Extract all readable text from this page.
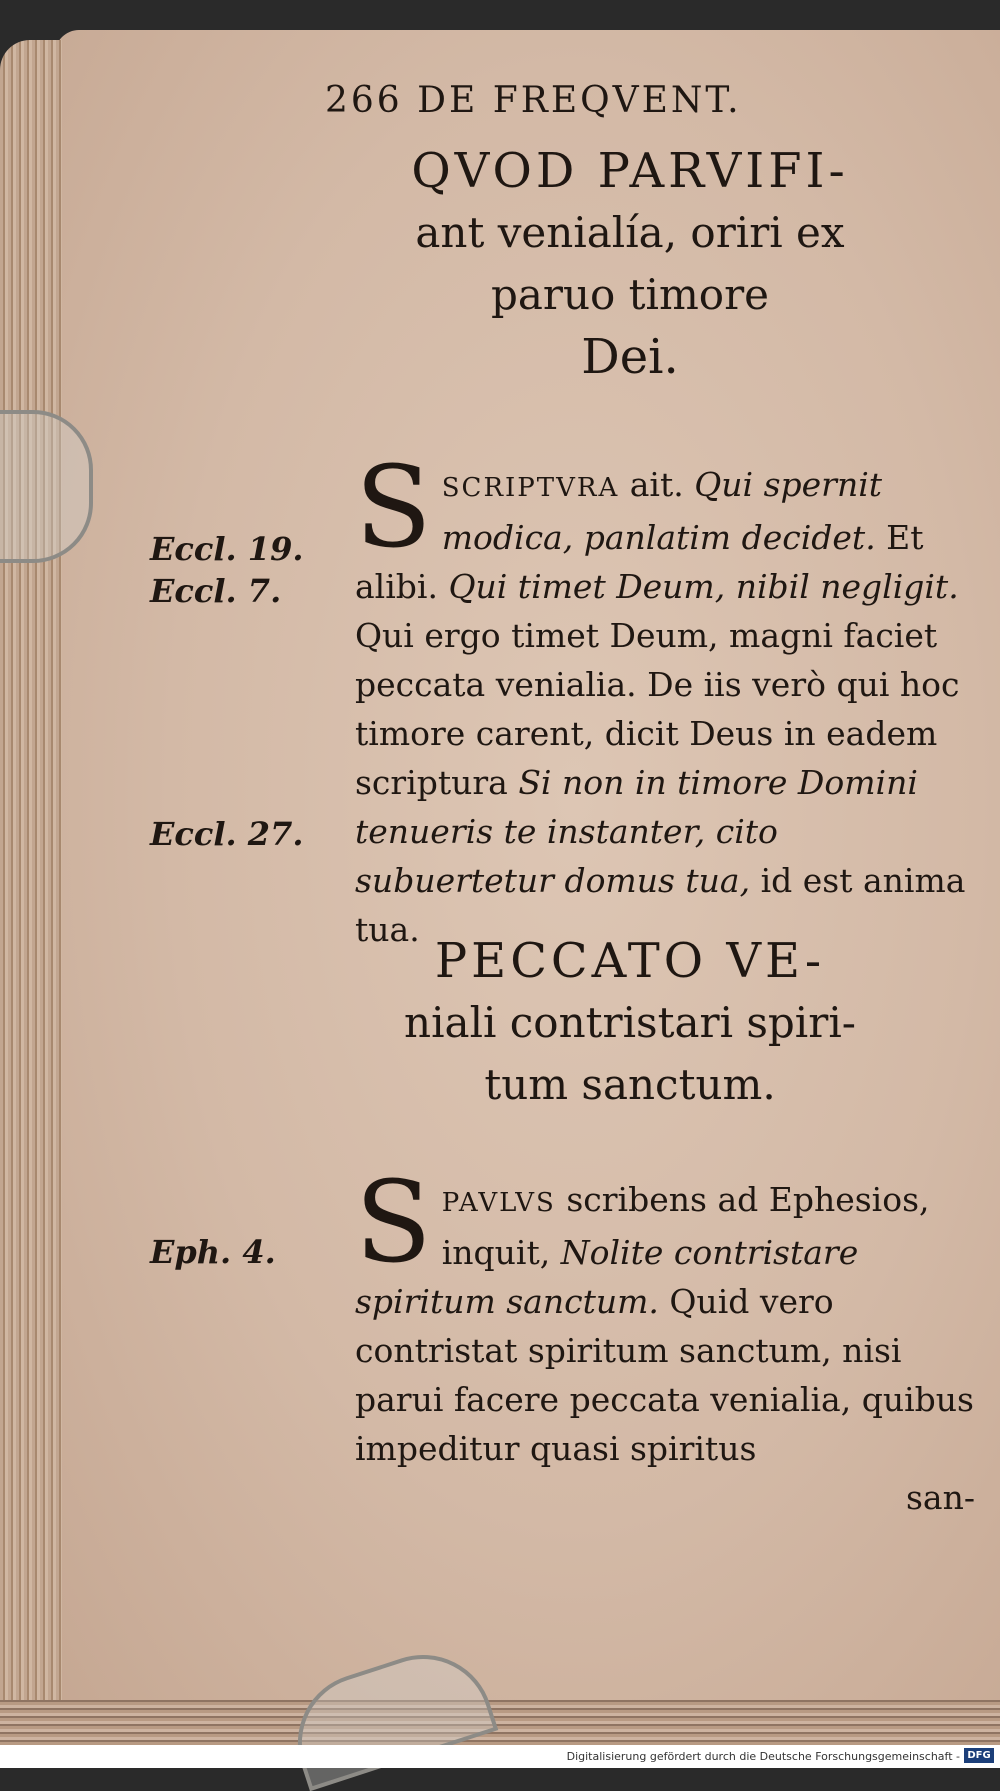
266 DE FREQVENT.
QVOD PARVIFI-
ant venialía, oriri ex
paruo timore
Dei.
SSCRIPTVRA ait. Qui spernit modica, panlatim decidet. Et alibi. Qui timet Deum, nibil negligit. Qui ergo timet Deum, magni faciet peccata venialia. De iis verò qui hoc timore carent, dicit Deus in eadem scriptura Si non in timore Domini tenueris te instanter, cito subuertetur domus tua, id est anima tua.
PECCATO VE-
niali contristari spiri-
tum sanctum.
SPAVLVS scribens ad Ephesios, inquit, Nolite contristare spiritum sanctum. Quid vero contristat spiritum sanctum, nisi parui facere peccata venialia, quibus impeditur quasi spiritus
san-
Eccl. 19.
Eccl. 7.
Eccl. 27.
Eph. 4.
Digitalisierung gefördert durch die Deutsche Forschungsgemeinschaft - DFG
